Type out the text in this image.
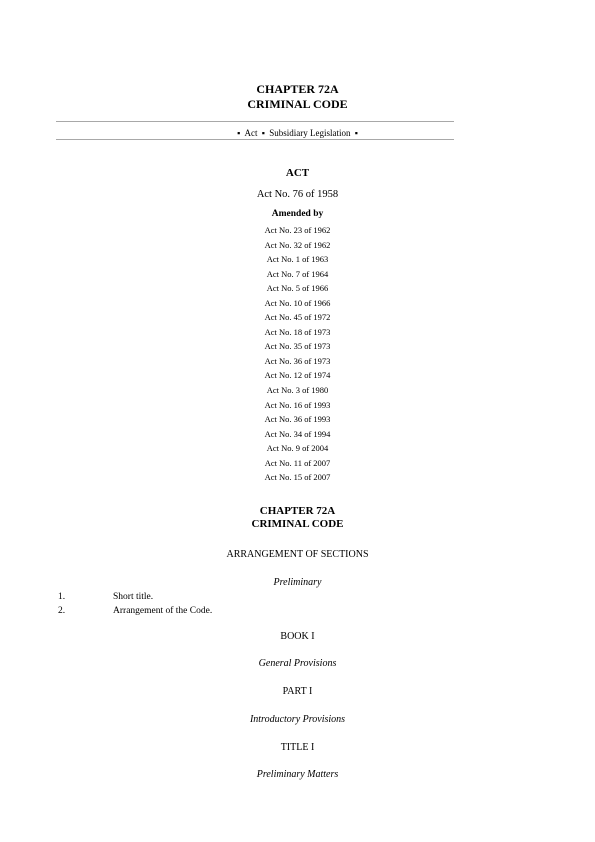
CHAPTER 72A
CRIMINAL CODE
▪ Act ▪ Subsidiary Legislation ▪
ACT
Act No. 76 of 1958
Amended by
Act No. 23 of 1962
Act No. 32 of 1962
Act No. 1 of 1963
Act No. 7 of 1964
Act No. 5 of 1966
Act No. 10 of 1966
Act No. 45 of 1972
Act No. 18 of 1973
Act No. 35 of 1973
Act No. 36 of 1973
Act No. 12 of 1974
Act No. 3 of 1980
Act No. 16 of 1993
Act No. 36 of 1993
Act No. 34 of 1994
Act No. 9 of 2004
Act No. 11 of 2007
Act No. 15 of 2007
CHAPTER 72A
CRIMINAL CODE
ARRANGEMENT OF SECTIONS
Preliminary
1.	Short title.
2.	Arrangement of the Code.
BOOK I
General Provisions
PART I
Introductory Provisions
TITLE I
Preliminary Matters
